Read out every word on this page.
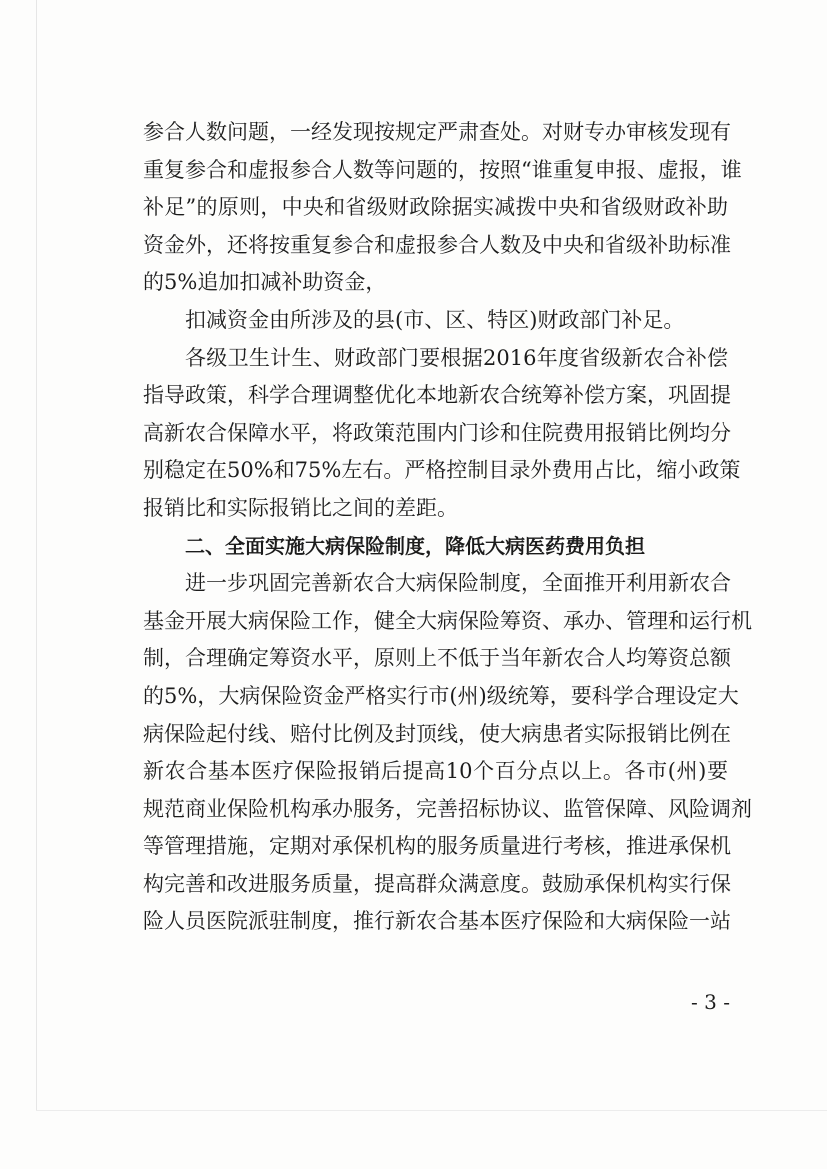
参合人数问题，一经发现按规定严肃查处。对财专办审核发现有
重复参合和虚报参合人数等问题的，按照“谁重复申报、虚报，谁
补足”的原则，中央和省级财政除据实减拨中央和省级财政补助
资金外，还将按重复参合和虚报参合人数及中央和省级补助标准
的5%追加扣减补助资金，
扣减资金由所涉及的县(市、区、特区)财政部门补足。
各级卫生计生、财政部门要根据2016年度省级新农合补偿
指导政策，科学合理调整优化本地新农合统筹补偿方案，巩固提
高新农合保障水平，将政策范围内门诊和住院费用报销比例均分
别稳定在50%和75%左右。严格控制目录外费用占比，缩小政策
报销比和实际报销比之间的差距。
二、全面实施大病保险制度，降低大病医药费用负担
进一步巩固完善新农合大病保险制度，全面推开利用新农合
基金开展大病保险工作，健全大病保险筹资、承办、管理和运行机
制，合理确定筹资水平，原则上不低于当年新农合人均筹资总额
的5%，大病保险资金严格实行市(州)级统筹，要科学合理设定大
病保险起付线、赔付比例及封顶线，使大病患者实际报销比例在
新农合基本医疗保险报销后提高10个百分点以上。各市(州)要
规范商业保险机构承办服务，完善招标协议、监管保障、风险调剂
等管理措施，定期对承保机构的服务质量进行考核，推进承保机
构完善和改进服务质量，提高群众满意度。鼓励承保机构实行保
险人员医院派驻制度，推行新农合基本医疗保险和大病保险一站
- 3 -
